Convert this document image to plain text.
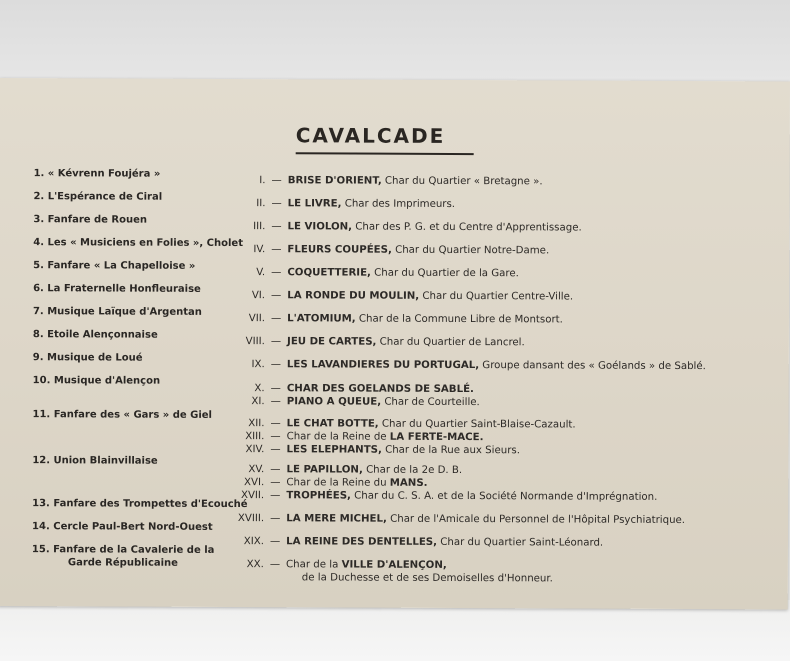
CAVALCADE
1. « Kévrenn Foujéra »
2. L'Espérance de Ciral
3. Fanfare de Rouen
4. Les « Musiciens en Folies », Cholet
5. Fanfare « La Chapelloise »
6. La Fraternelle Honfleuraise
7. Musique Laïque d'Argentan
8. Etoile Alençonnaise
9. Musique de Loué
10. Musique d'Alençon
11. Fanfare des « Gars » de Giel
12. Union Blainvillaise
13. Fanfare des Trompettes d'Ecouché
14. Cercle Paul-Bert Nord-Ouest
15. Fanfare de la Cavalerie de la
Garde Républicaine
I. — BRISE D'ORIENT, Char du Quartier « Bretagne ».
II. — LE LIVRE, Char des Imprimeurs.
III. — LE VIOLON, Char des P. G. et du Centre d'Apprentissage.
IV. — FLEURS COUPÉES, Char du Quartier Notre-Dame.
V. — COQUETTERIE, Char du Quartier de la Gare.
VI. — LA RONDE DU MOULIN, Char du Quartier Centre-Ville.
VII. — L'ATOMIUM, Char de la Commune Libre de Montsort.
VIII. — JEU DE CARTES, Char du Quartier de Lancrel.
IX. — LES LAVANDIERES DU PORTUGAL, Groupe dansant des « Goélands » de Sablé.
X. — CHAR DES GOELANDS DE SABLÉ.
XI. — PIANO A QUEUE, Char de Courteille.
XII. — LE CHAT BOTTE, Char du Quartier Saint-Blaise-Cazault.
XIII. — Char de la Reine de LA FERTE-MACE.
XIV. — LES ELEPHANTS, Char de la Rue aux Sieurs.
XV. — LE PAPILLON, Char de la 2e D. B.
XVI. — Char de la Reine du MANS.
XVII. — TROPHÉES, Char du C. S. A. et de la Société Normande d'Imprégnation.
XVIII. — LA MERE MICHEL, Char de l'Amicale du Personnel de l'Hôpital Psychiatrique.
XIX. — LA REINE DES DENTELLES, Char du Quartier Saint-Léonard.
XX. — Char de la VILLE D'ALENÇON,
de la Duchesse et de ses Demoiselles d'Honneur.
